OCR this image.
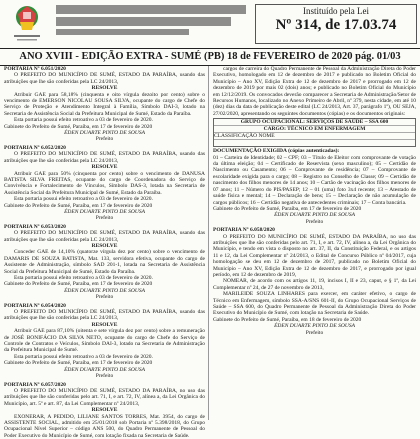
Instituído pela Lei
Nº 314, de 17.03.74
ANO XVIII - EDIÇÃO EXTRA - SUMÉ (PB) 18 de FEVEREIRO de 2020 pág. 01/03

PORTARIA Nº 6.051/2020

O PREFEITO DO MUNICÍPIO DE SUMÉ, ESTADO DA PARAÍBA, usando das atribuições que lhe são conferidas pela LC 24/2013,

RESOLVE

Atribuir GAE para 58,18% (cinquenta e oito vírgula dezoito por cento) sobre o vencimento de EMERSON NICOLAU SOUSA SILVA, ocupante do cargo de Chefe do Serviço de Proteção e Atendimento Integral à Família, Símbolo DAI-3, lotado na Secretaria de Assistência Social da Prefeitura Municipal de Sumé, Estado da Paraíba.

Esta portaria possui efeito retroativo a 03 de fevereiro de 2020.

Gabinete do Prefeito de Sumé, Paraíba, em 17 de fevereiro de 2020

ÉDEN DUARTE PINTO DE SOUSA

Prefeito

PORTARIA Nº 6.052/2020

O PREFEITO DO MUNICÍPIO DE SUMÉ, ESTADO DA PARAÍBA, usando das atribuições que lhe são conferidas pela LC 24/2013,

RESOLVE

Atribuir GAE para 50% (cinquenta por cento) sobre o vencimento de DANUSA BATISTA SILVA FREITAS, ocupante do cargo de Coordenadora do Serviço de Convivência e Fortalecimento de Vínculos, Símbolo DAS-3, lotada na Secretaria de Assistência Social da Prefeitura Municipal de Sumé, Estado da Paraíba.

Esta portaria possui efeito retroativo a 03 de fevereiro de 2020.

Gabinete do Prefeito de Sumé, Paraíba, em 17 de fevereiro de 2020

ÉDEN DUARTE PINTO DE SOUSA

Prefeito

PORTARIA Nº 6.053/2020

O PREFEITO DO MUNICÍPIO DE SUMÉ, ESTADO DA PARAÍBA, usando das atribuições que lhe são conferidas pela LC 24/2013,

RESOLVE

Conceder GAE de 14,10% (quatorze vírgula dez por cento) sobre o vencimento de DAMARIS DE SOUZA BATISTA, Mat. 133, servidora efetiva, ocupante do cargo de Assistente de Administração, símbolo SAD 201-1, lotada na Secretaria de Assistência Social da Prefeitura Municipal de Sumé, Estado da Paraíba.

Esta portaria possui efeito retroativo a 03 de fevereiro de 2020.

Gabinete do Prefeito de Sumé, Paraíba, em 17 de fevereiro de 2020

ÉDEN DUARTE PINTO DE SOUSA

Prefeito

PORTARIA Nº 6.054/2020

O PREFEITO DO MUNICÍPIO DE SUMÉ, ESTADO DA PARAÍBA, usando das atribuições que lhe são conferidas pela LC 24/2013,

RESOLVE

Atribuir GAE para 87,10% (oitenta e sete vírgula dez por cento) sobre a remuneração de JOSÉ BONIFÁCIO DA SILVA NETO, ocupante do cargo de Chefe do Serviço de Controle de Contratos e Veículos, Símbolo DAI-3, lotado na Secretaria de Administração da Prefeitura Municipal de Sumé.

Esta portaria possui efeito retroativo a 03 de fevereiro de 2020.

Gabinete do Prefeito de Sumé, Paraíba, em 17 de fevereiro de 2020

ÉDEN DUARTE PINTO DE SOUSA

Prefeito

PORTARIA Nº 6.057/2020

O PREFEITO DO MUNICÍPIO DE SUMÉ, ESTADO DA PARAÍBA, no uso das atribuições que lhe são conferidas pelo art. 71, I, e art. 72, IV, alínea a, da Lei Orgânica do Município, art. 5º e art. 87, da Lei Complementar nº 24/2013,

RESOLVE

EXONERAR, A PEDIDO, LILIANE SANTOS TORRES, Mat. 3954, do cargo de ASSISTENTE SOCIAL, admitido em 25/01/2018 sob Portaria nº 5.398/2018, do Grupo Ocupacional Nível Superior – código ANS 500, do Quadro Permanente de Pessoal do Poder Executivo do Município de Sumé, com lotação fixada na Secretaria de Saúde.

cargos de carreira do Quadro Permanente de Pessoal da Administração Direta do Poder Executivo, homologado em 12 de dezembro de 2017 e publicado no Boletim Oficial do Município – Ano XV, Edição Extra de 12 de dezembro de 2017 e prorrogado em 12 de dezembro de 2019 por mais 02 (dois) anos; e publicado no Boletim Oficial do Município em 12/12/2019. Os convocados deverão comparecer a Secretaria de Administração/Setor de Recursos Humanos, localizado no Anexo Primeiro de Abril, nº 379, nesta cidade, em até 10 (dez) dias da data de publicação deste edital (LC 24/2013, Art. 37, parágrafo 1º), OU SEJA, 27/02/2020, apresentando os seguintes documentos (cópias) e os documentos originais:

GRUPO OCUPACIONAL: SERVIÇOS DE SAÚDE – SSA 600
CARGO: TÉCNICO EM ENFERMAGEM
CLASSIFICAÇÃO NOME

DOCUMENTAÇÃO EXIGIDA (cópias autenticadas):

01 – Carteira de Identidade; 02 – CPF; 03 – Título de Eleitor com comprovante de votação da última eleição; 04 – Certificado de Reservista (sexo masculino); 05 – Certidão de Nascimento ou Casamento; 06 – Comprovante de residência; 07 – Comprovante de escolaridade exigida para o cargo; 08 – Registro no Conselho de Classe; 09 – Certidão de nascimento dos filhos menores de 14 anos; 10 – Cartão de vacinação dos filhos menores de 07 anos; 11 – Número do PIS/PASEP; 12 – 01 (uma) foto 3x4 recente; 13 – Atestado de saúde física e mental; 14 – Declaração de bens; 15 – Declaração de não acumulação de cargos públicos; 16 – Certidão negativa de antecedentes criminais; 17 – Conta bancária.

Gabinete do Prefeito de Sumé, Paraíba, em 17 de fevereiro de 2020

ÉDEN DUARTE PINTO DE SOUSA

Prefeito

PORTARIA Nº 6.058/2020

O PREFEITO DO MUNICÍPIO DE SUMÉ, ESTADO DA PARAÍBA, no uso das atribuições que lhe são conferidas pelo art. 71, I, e art. 72, IV, alínea a, da Lei Orgânica do Município, e tendo em vista o disposto no art. 37, II, da Constituição Federal, e os artigos 11 e 12, da Lei Complementar nº 24/2013, o Edital de Concurso Público nº 04/2017, cuja homologação se deu em 12 de dezembro de 2017, publicado no Boletim Oficial do Município – Ano XV, Edição Extra de 12 de dezembro de 2017, e prorrogado por igual período, em 12 de dezembro de 2019,

NOMEAR, de acordo com os artigos 11, 19, incisos I, II e 23, caput, e § 1º, da Lei Complementar nº 24, de 27 de novembro de 2013,

MARILEIDE SOUZA LINHARES para exercer, em caráter efetivo, o cargo de Técnico em Enfermagem, símbolo SSA-A/SNS 601-II, do Grupo Ocupacional Serviços de Saúde – SSA 600, do Quadro Permanente de Pessoal da Administração Direta do Poder Executivo do Município de Sumé, com lotação na Secretaria de Saúde.

Gabinete do Prefeito de Sumé, Paraíba, em 18 de fevereiro de 2020

ÉDEN DUARTE PINTO DE SOUSA

Prefeito
